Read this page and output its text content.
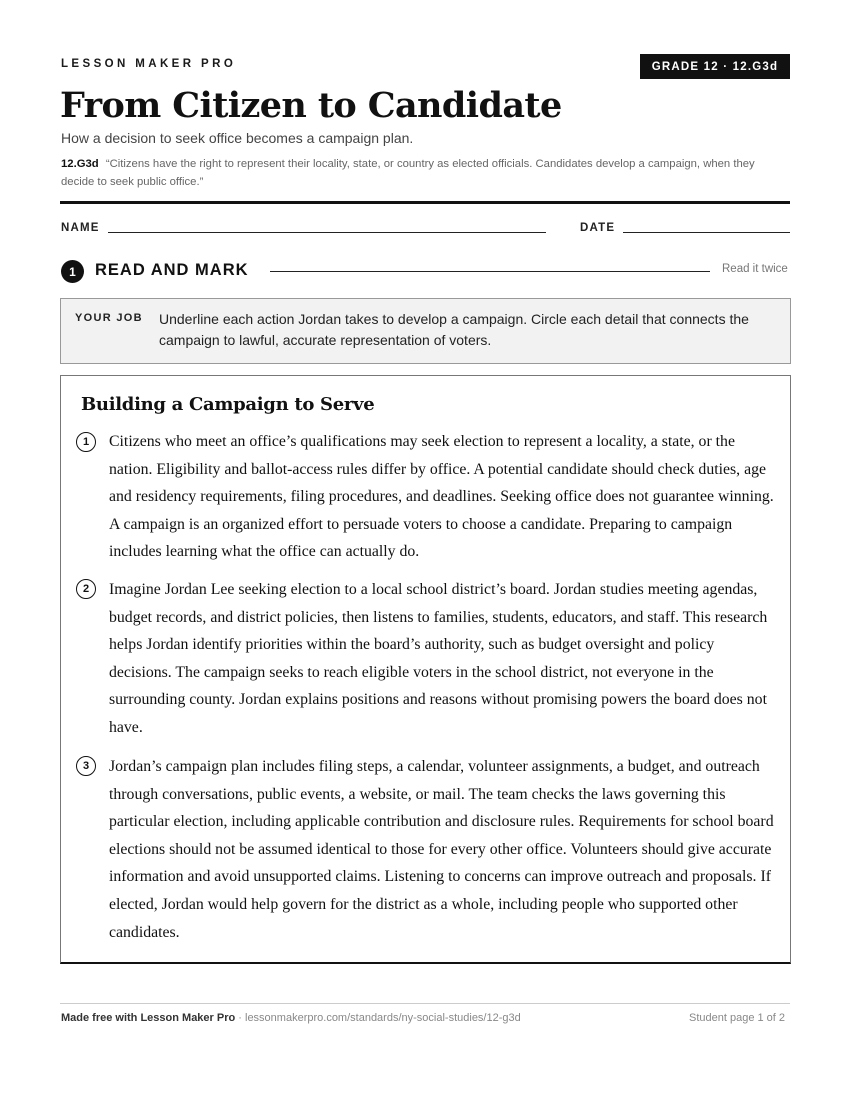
LESSON MAKER PRO	GRADE 12 · 12.G3d
From Citizen to Candidate
How a decision to seek office becomes a campaign plan.
12.G3d “Citizens have the right to represent their locality, state, or country as elected officials. Candidates develop a campaign, when they decide to seek public office.”
NAME	DATE
1	READ AND MARK	Read it twice
YOUR JOB Underline each action Jordan takes to develop a campaign. Circle each detail that connects the campaign to lawful, accurate representation of voters.
Building a Campaign to Serve
1	Citizens who meet an office’s qualifications may seek election to represent a locality, a state, or the nation. Eligibility and ballot-access rules differ by office. A potential candidate should check duties, age and residency requirements, filing procedures, and deadlines. Seeking office does not guarantee winning. A campaign is an organized effort to persuade voters to choose a candidate. Preparing to campaign includes learning what the office can actually do.

2	Imagine Jordan Lee seeking election to a local school district’s board. Jordan studies meeting agendas, budget records, and district policies, then listens to families, students, educators, and staff. This research helps Jordan identify priorities within the board’s authority, such as budget oversight and policy decisions. The campaign seeks to reach eligible voters in the school district, not everyone in the surrounding county. Jordan explains positions and reasons without promising powers the board does not have.

3	Jordan’s campaign plan includes filing steps, a calendar, volunteer assignments, a budget, and outreach through conversations, public events, a website, or mail. The team checks the laws governing this particular election, including applicable contribution and disclosure rules. Requirements for school board elections should not be assumed identical to those for every other office. Volunteers should give accurate information and avoid unsupported claims. Listening to concerns can improve outreach and proposals. If elected, Jordan would help govern for the district as a whole, including people who supported other candidates.

Made free with Lesson Maker Pro · lessonmakerpro.com/standards/ny-social-studies/12-g3d	Student page 1 of 2
